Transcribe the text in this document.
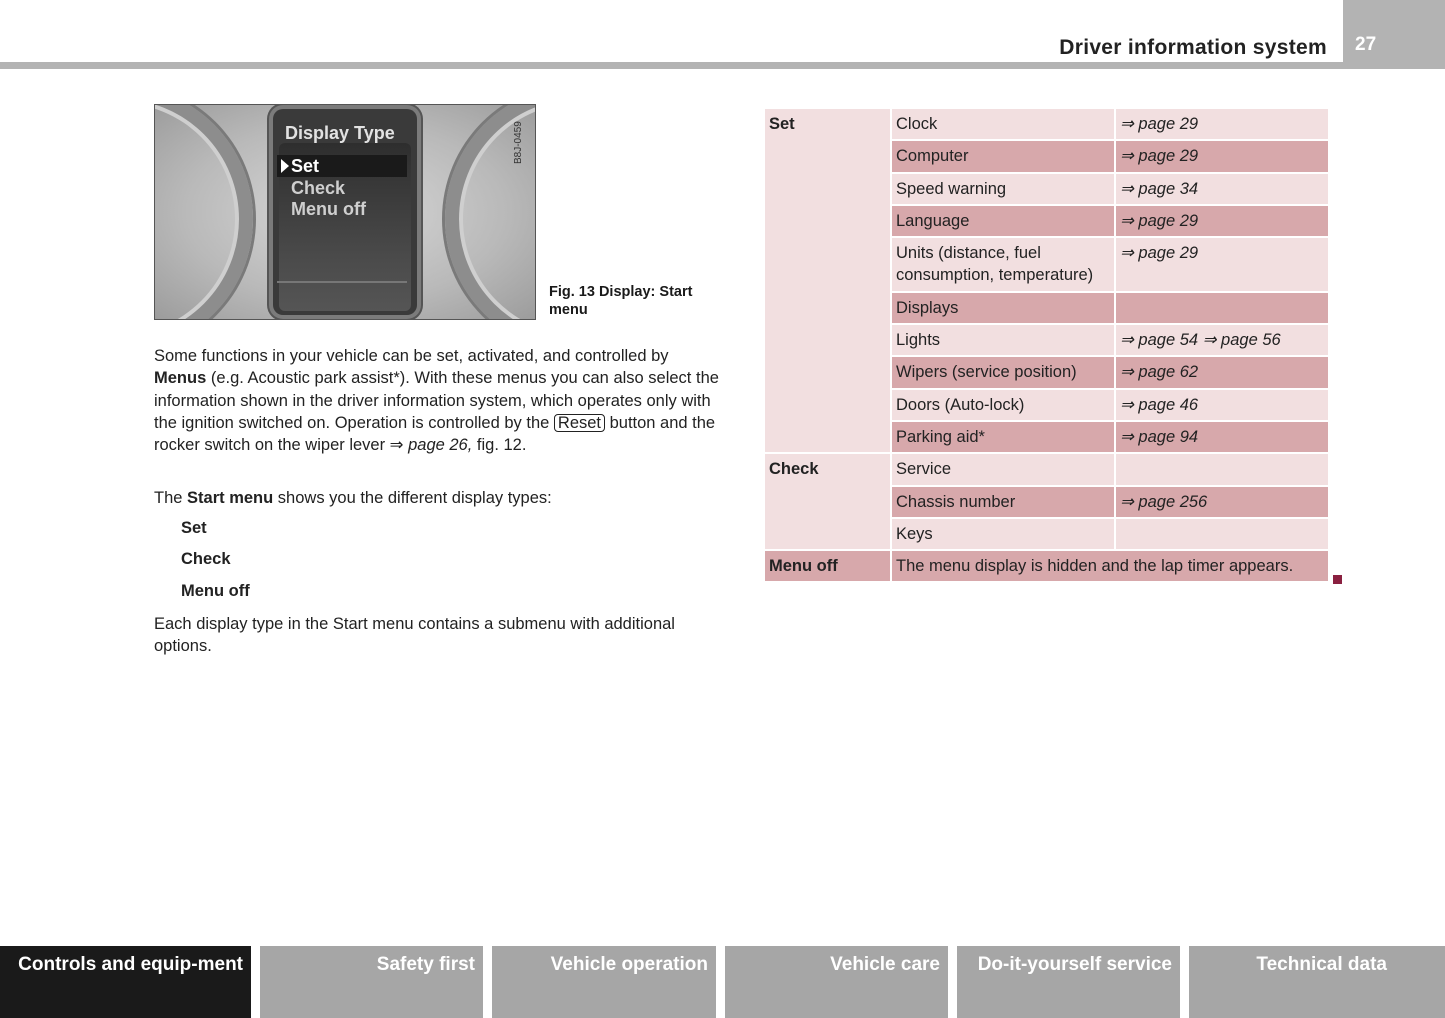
Driver information system 27
Display Type
Set
Check
Menu off
B8J-0459
Fig. 13 Display: Start menu
Some functions in your vehicle can be set, activated, and controlled by Menus (e.g. Acoustic park assist*). With these menus you can also select the information shown in the driver information system, which operates only with the ignition switched on. Operation is controlled by the Reset button and the rocker switch on the wiper lever ⇒ page 26, fig. 12.
The Start menu shows you the different display types:
Set
Check
Menu off
Each display type in the Start menu contains a submenu with additional options.
Set	Clock	⇒ page 29
	Computer	⇒ page 29
	Speed warning	⇒ page 34
	Language	⇒ page 29
	Units (distance, fuel consumption, temperature)	⇒ page 29
	Displays	
	Lights	⇒ page 54 ⇒ page 56
	Wipers (service position)	⇒ page 62
	Doors (Auto-lock)	⇒ page 46
	Parking aid*	⇒ page 94
Check	Service	
	Chassis number	⇒ page 256
	Keys	
Menu off	The menu display is hidden and the lap timer appears.	
Controls and equip-ment	Safety first	Vehicle operation	Vehicle care	Do-it-yourself service	Technical data
